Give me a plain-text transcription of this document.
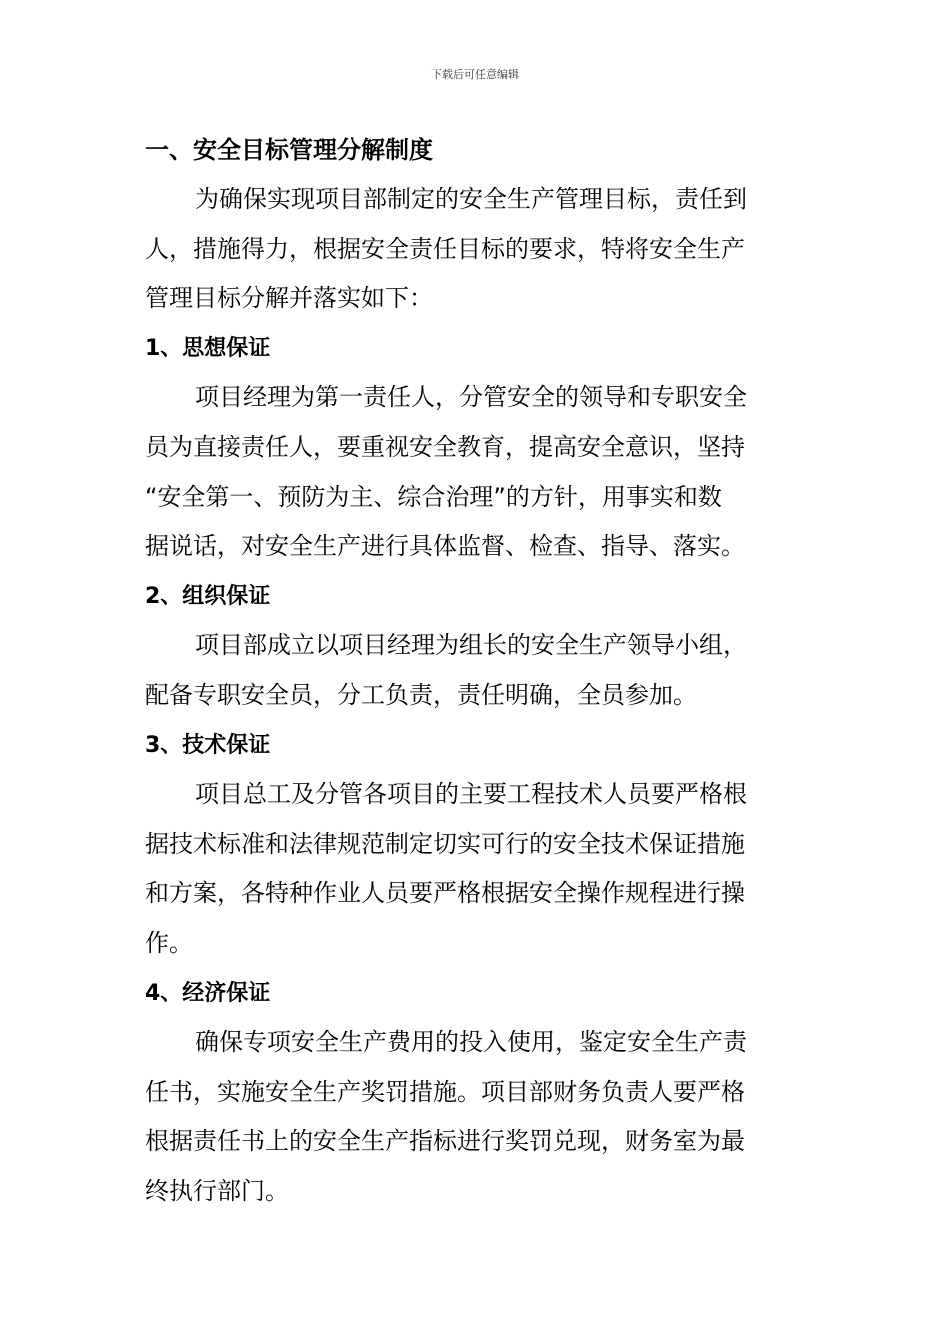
下载后可任意编辑
一、安全目标管理分解制度

为确保实现项目部制定的安全生产管理目标，责任到
人，措施得力，根据安全责任目标的要求，特将安全生产
管理目标分解并落实如下：

1、思想保证

项目经理为第一责任人，分管安全的领导和专职安全
员为直接责任人，要重视安全教育，提高安全意识，坚持
“安全第一、预防为主、综合治理”的方针，用事实和数
据说话，对安全生产进行具体监督、检查、指导、落实。

2、组织保证

项目部成立以项目经理为组长的安全生产领导小组，
配备专职安全员，分工负责，责任明确，全员参加。

3、技术保证

项目总工及分管各项目的主要工程技术人员要严格根
据技术标准和法律规范制定切实可行的安全技术保证措施
和方案，各特种作业人员要严格根据安全操作规程进行操
作。

4、经济保证

确保专项安全生产费用的投入使用，鉴定安全生产责
任书，实施安全生产奖罚措施。项目部财务负责人要严格
根据责任书上的安全生产指标进行奖罚兑现，财务室为最
终执行部门。
